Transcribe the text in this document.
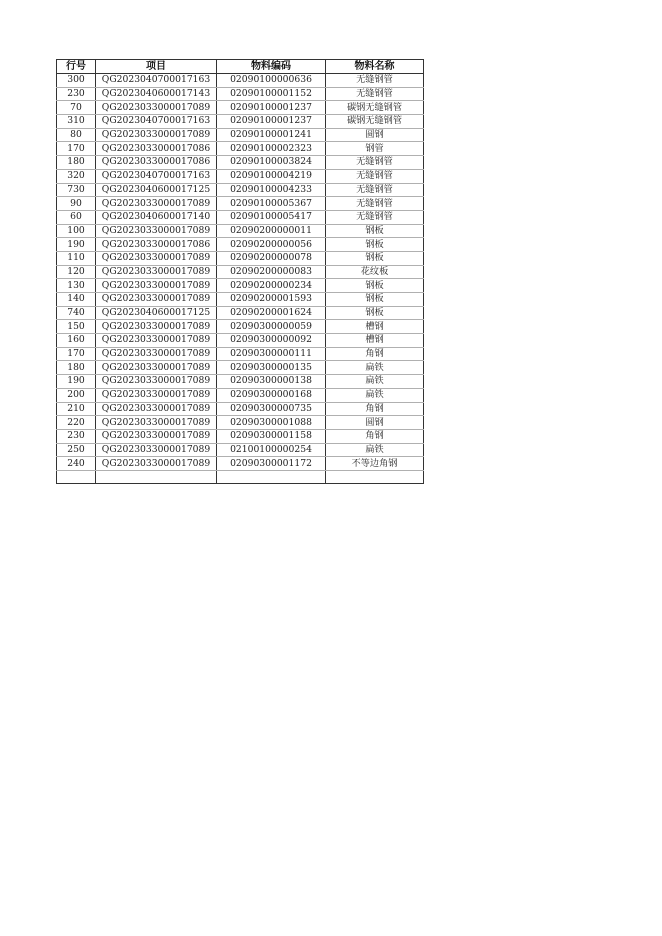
行号	项目	物料编码	物料名称
300	QG2023040700017163	02090100000636	无缝钢管
230	QG2023040600017143	02090100001152	无缝钢管
70	QG2023033000017089	02090100001237	碳钢无缝钢管
310	QG2023040700017163	02090100001237	碳钢无缝钢管
80	QG2023033000017089	02090100001241	圆钢
170	QG2023033000017086	02090100002323	钢管
180	QG2023033000017086	02090100003824	无缝钢管
320	QG2023040700017163	02090100004219	无缝钢管
730	QG2023040600017125	02090100004233	无缝钢管
90	QG2023033000017089	02090100005367	无缝钢管
60	QG2023040600017140	02090100005417	无缝钢管
100	QG2023033000017089	02090200000011	钢板
190	QG2023033000017086	02090200000056	钢板
110	QG2023033000017089	02090200000078	钢板
120	QG2023033000017089	02090200000083	花纹板
130	QG2023033000017089	02090200000234	钢板
140	QG2023033000017089	02090200001593	钢板
740	QG2023040600017125	02090200001624	钢板
150	QG2023033000017089	02090300000059	槽钢
160	QG2023033000017089	02090300000092	槽钢
170	QG2023033000017089	02090300000111	角钢
180	QG2023033000017089	02090300000135	扁铁
190	QG2023033000017089	02090300000138	扁铁
200	QG2023033000017089	02090300000168	扁铁
210	QG2023033000017089	02090300000735	角钢
220	QG2023033000017089	02090300001088	圆钢
230	QG2023033000017089	02090300001158	角钢
250	QG2023033000017089	02100100000254	扁铁
240	QG2023033000017089	02090300001172	不等边角钢
